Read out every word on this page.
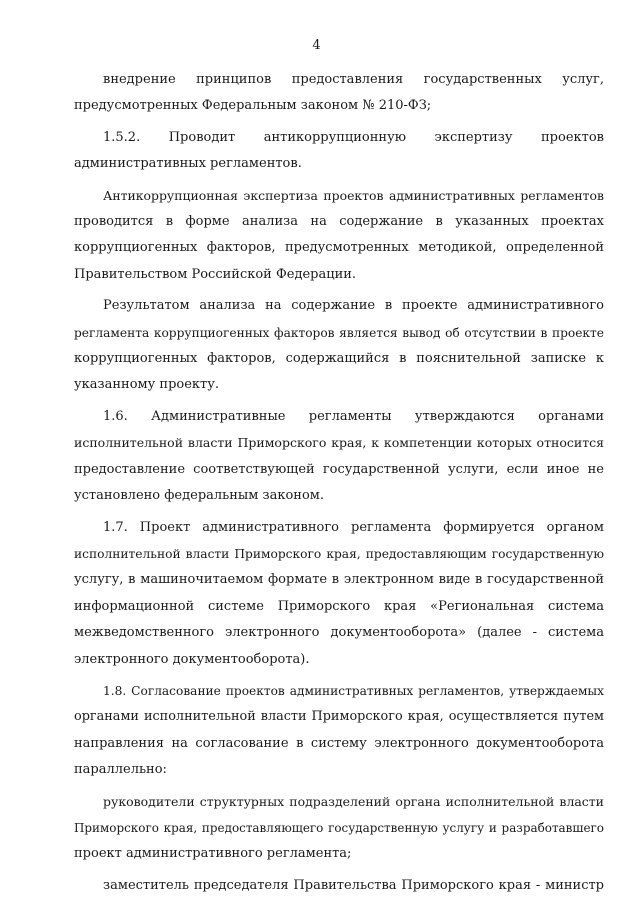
4
внедрение принципов предоставления государственных услуг,
предусмотренных Федеральным законом № 210-ФЗ;
1.5.2. Проводит антикоррупционную экспертизу проектов
административных регламентов.
Антикоррупционная экспертиза проектов административных регламентов
проводится в форме анализа на содержание в указанных проектах
коррупциогенных факторов, предусмотренных методикой, определенной
Правительством Российской Федерации.
Результатом анализа на содержание в проекте административного
регламента коррупциогенных факторов является вывод об отсутствии в проекте
коррупциогенных факторов, содержащийся в пояснительной записке к
указанному проекту.
1.6. Административные регламенты утверждаются органами
исполнительной власти Приморского края, к компетенции которых относится
предоставление соответствующей государственной услуги, если иное не
установлено федеральным законом.
1.7. Проект административного регламента формируется органом
исполнительной власти Приморского края, предоставляющим государственную
услугу, в машиночитаемом формате в электронном виде в государственной
информационной системе Приморского края «Региональная система
межведомственного электронного документооборота» (далее - система
электронного документооборота).
1.8. Согласование проектов административных регламентов, утверждаемых
органами исполнительной власти Приморского края, осуществляется путем
направления на согласование в систему электронного документооборота
параллельно:
руководители структурных подразделений органа исполнительной власти
Приморского края, предоставляющего государственную услугу и разработавшего
проект административного регламента;
заместитель председателя Правительства Приморского края - министр
